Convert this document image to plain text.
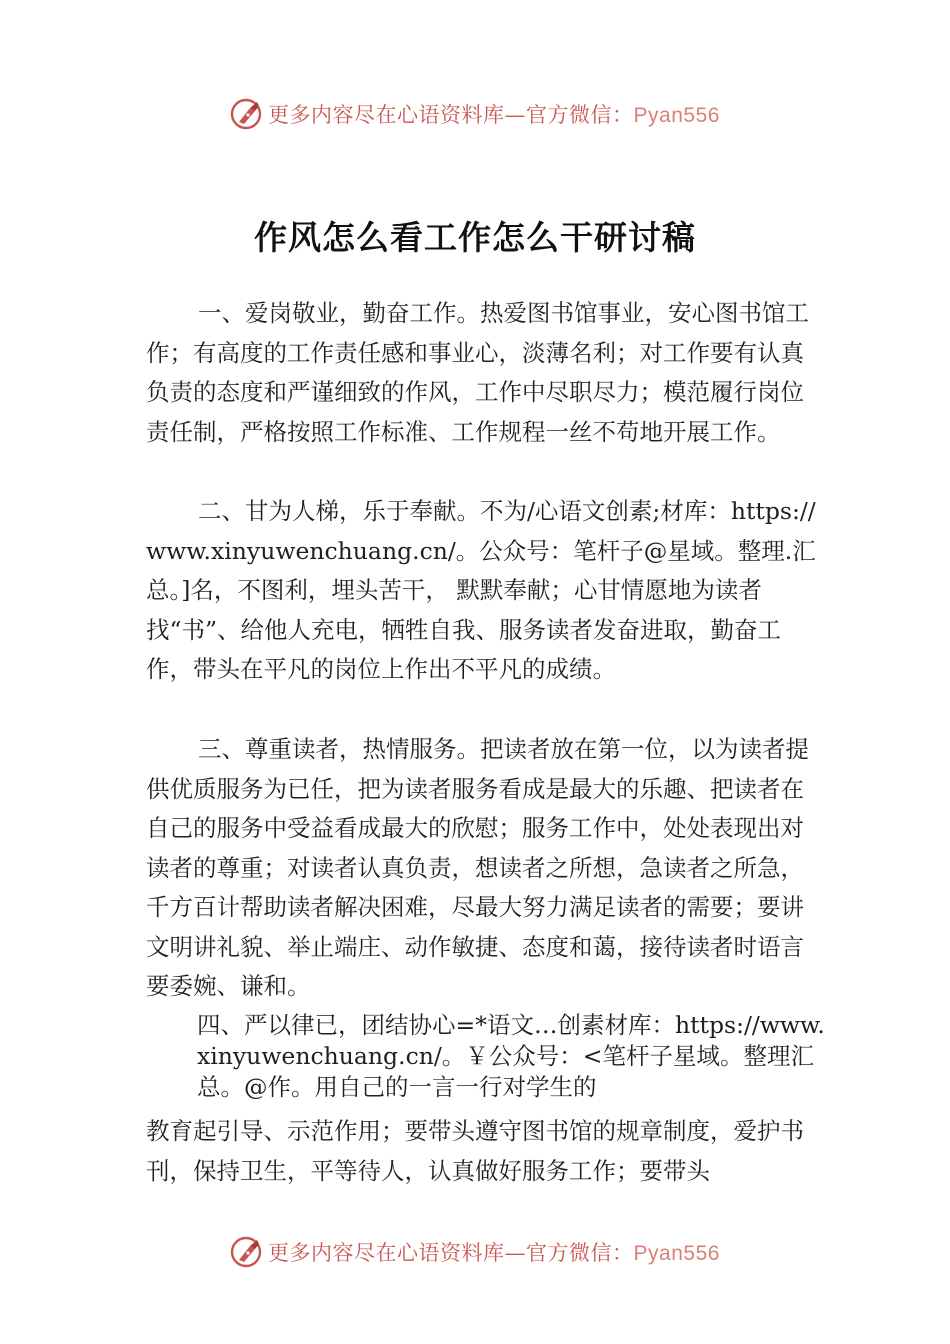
更多内容尽在心语资料库—官方微信：Pyan556
作风怎么看工作怎么干研讨稿

一、爱岗敬业，勤奋工作。热爱图书馆事业，安心图书馆工作；有高度的工作责任感和事业心，淡薄名利；对工作要有认真负责的态度和严谨细致的作风，工作中尽职尽力；模范履行岗位责任制，严格按照工作标准、工作规程一丝不苟地开展工作。

二、甘为人梯，乐于奉献。不为/心语文创素;材库：https://www.xinyuwenchuang.cn/。公众号：笔杆子@星域。整理.汇总。]名，不图利，埋头苦干， 默默奉献；心甘情愿地为读者找“书”、给他人充电，牺牲自我、服务读者发奋进取，勤奋工作，带头在平凡的岗位上作出不平凡的成绩。

三、尊重读者，热情服务。把读者放在第一位，以为读者提供优质服务为已任，把为读者服务看成是最大的乐趣、把读者在自己的服务中受益看成最大的欣慰；服务工作中，处处表现出对读者的尊重；对读者认真负责，想读者之所想，急读者之所急，千方百计帮助读者解决困难，尽最大努力满足读者的需要；要讲文明讲礼貌、举止端庄、动作敏捷、态度和蔼，接待读者时语言要委婉、谦和。

四、严以律已，团结协心=*语文…创素材库：https://www.xinyuwenchuang.cn/。￥公众号：<笔杆子星域。整理汇总。@作。用自己的一言一行对学生的

教育起引导、示范作用；要带头遵守图书馆的规章制度，爱护书刊，保持卫生，平等待人，认真做好服务工作；要带头

更多内容尽在心语资料库—官方微信：Pyan556
